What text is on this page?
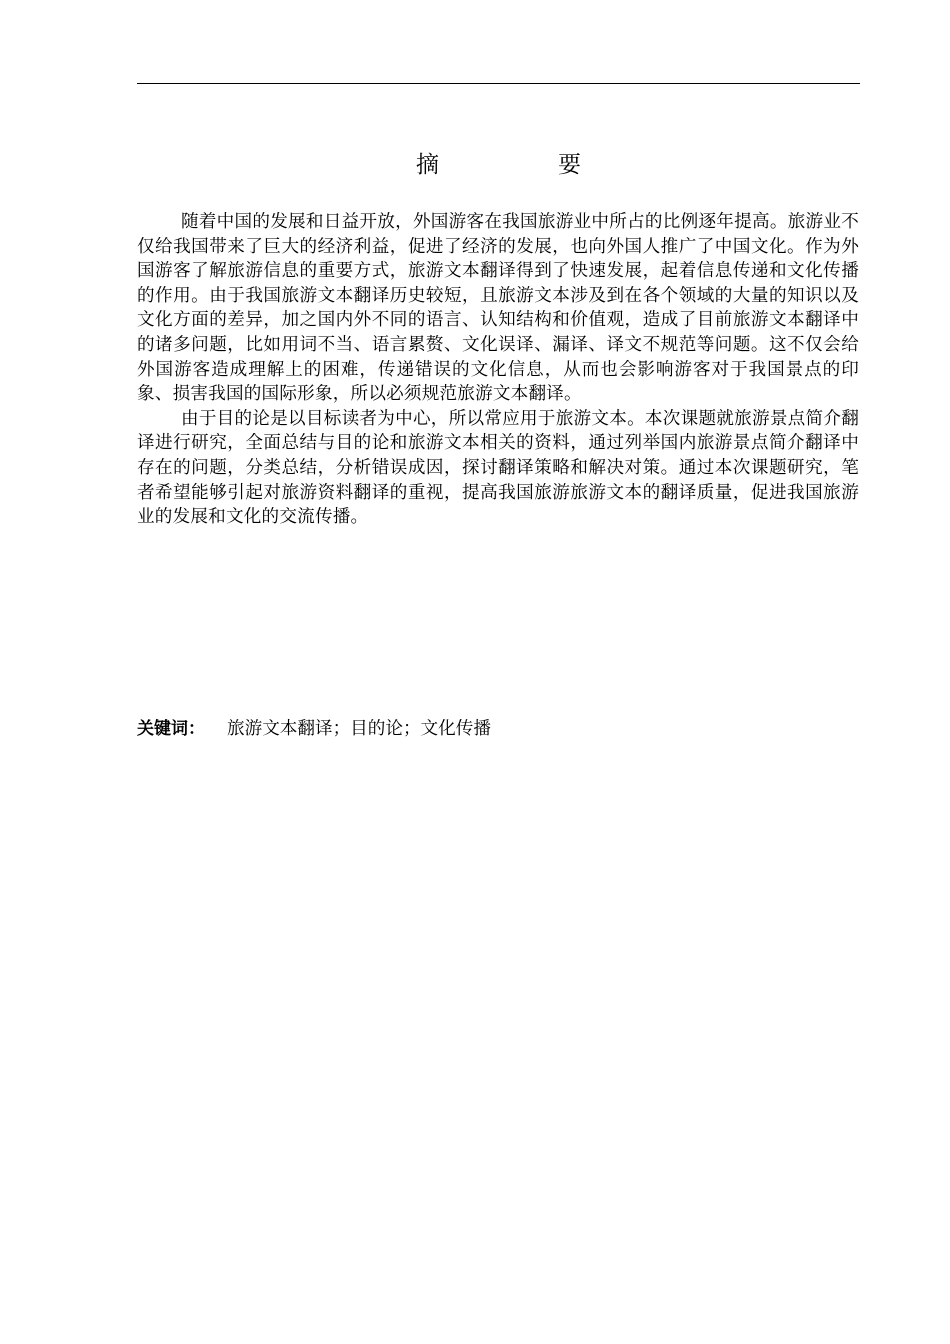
摘　要

随着中国的发展和日益开放，外国游客在我国旅游业中所占的比例逐年提高。旅游业不仅给我国带来了巨大的经济利益，促进了经济的发展，也向外国人推广了中国文化。作为外国游客了解旅游信息的重要方式，旅游文本翻译得到了快速发展，起着信息传递和文化传播的作用。由于我国旅游文本翻译历史较短，且旅游文本涉及到在各个领域的大量的知识以及文化方面的差异，加之国内外不同的语言、认知结构和价值观，造成了目前旅游文本翻译中的诸多问题，比如用词不当、语言累赘、文化误译、漏译、译文不规范等问题。这不仅会给外国游客造成理解上的困难，传递错误的文化信息，从而也会影响游客对于我国景点的印象、损害我国的国际形象，所以必须规范旅游文本翻译。

由于目的论是以目标读者为中心，所以常应用于旅游文本。本次课题就旅游景点简介翻译进行研究，全面总结与目的论和旅游文本相关的资料，通过列举国内旅游景点简介翻译中存在的问题，分类总结，分析错误成因，探讨翻译策略和解决对策。通过本次课题研究，笔者希望能够引起对旅游资料翻译的重视，提高我国旅游旅游文本的翻译质量，促进我国旅游业的发展和文化的交流传播。

关键词： 旅游文本翻译；目的论；文化传播
